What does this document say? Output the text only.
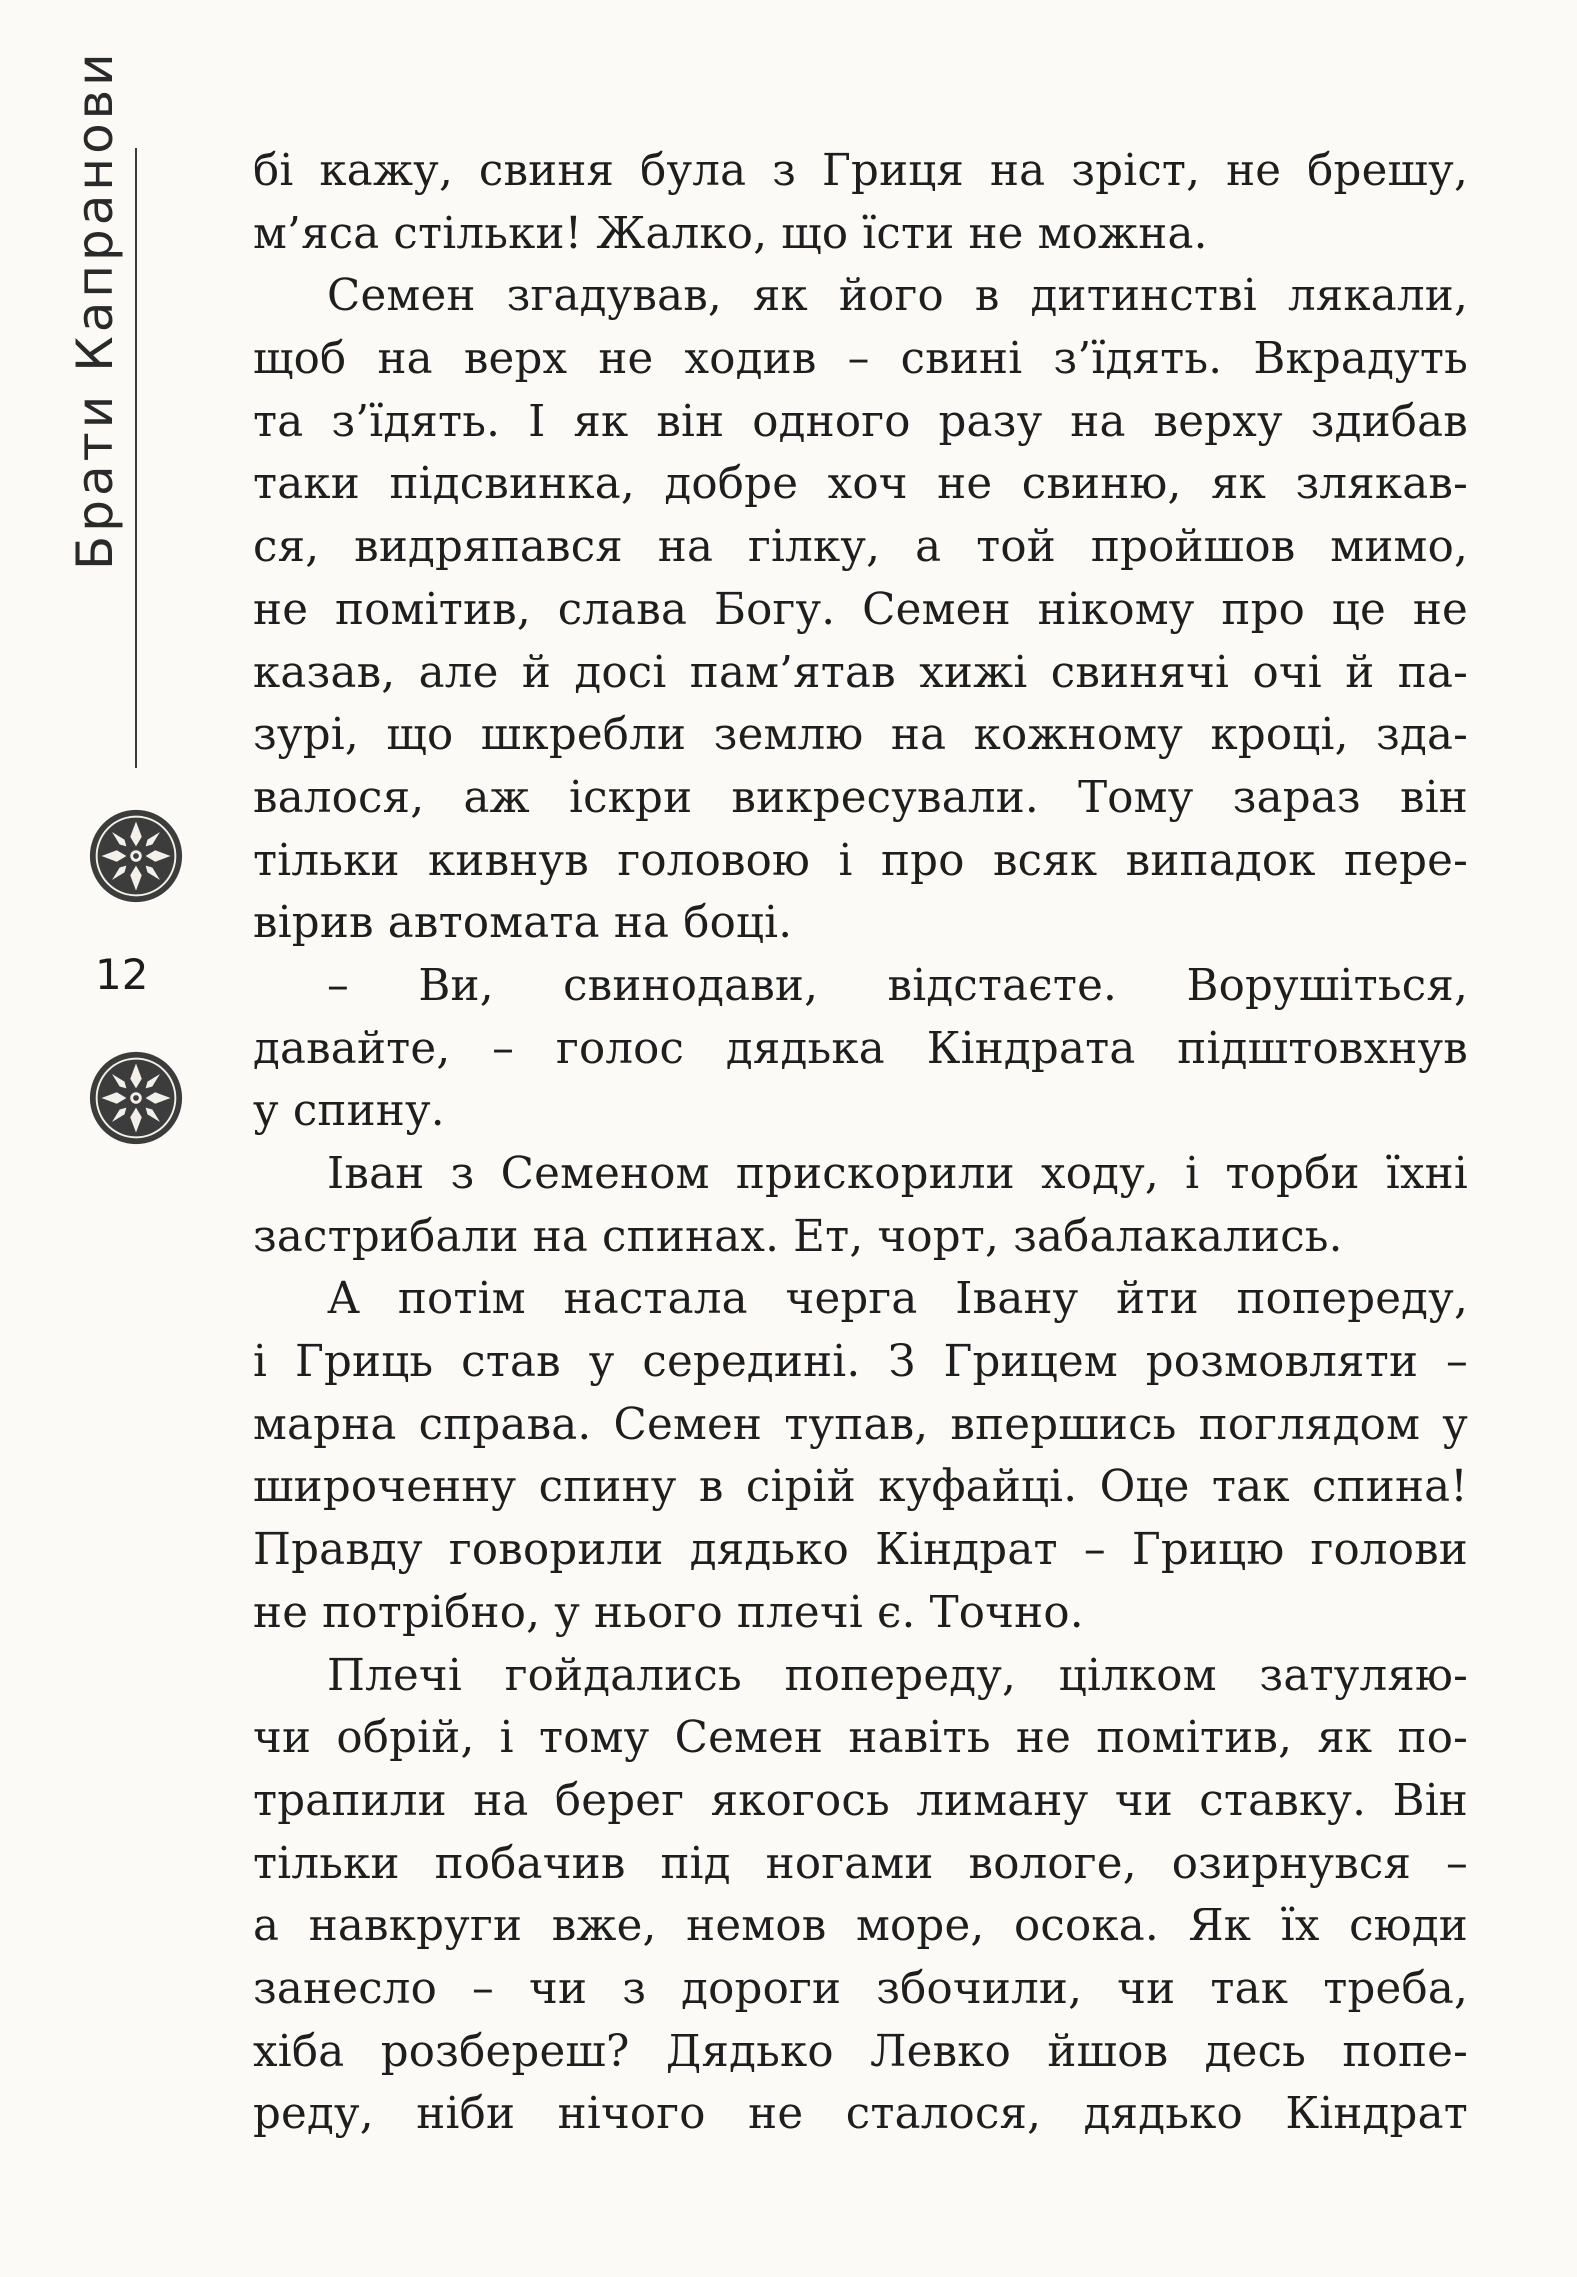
Брати Капранови
12
бі кажу, свиня була з Гриця на зріст, не брешу,
м’яса стільки! Жалко, що їсти не можна.
Семен згадував, як його в дитинстві лякали,
щоб на верх не ходив – свині з’їдять. Вкрадуть
та з’їдять. І як він одного разу на верху здибав
таки підсвинка, добре хоч не свиню, як злякав-
ся, видряпався на гілку, а той пройшов мимо,
не помітив, слава Богу. Семен нікому про це не
казав, але й досі пам’ятав хижі свинячі очі й па-
зурі, що шкребли землю на кожному кроці, зда-
валося, аж іскри викресували. Тому зараз він
тільки кивнув головою і про всяк випадок пере-
вірив автомата на боці.
– Ви, свинодави, відстаєте. Ворушіться,
давайте, – голос дядька Кіндрата підштовхнув
у спину.
Іван з Семеном прискорили ходу, і торби їхні
застрибали на спинах. Ет, чорт, забалакались.
А потім настала черга Івану йти попереду,
і Гриць став у середині. З Грицем розмовляти –
марна справа. Семен тупав, впершись поглядом у
широченну спину в сірій куфайці. Оце так спина!
Правду говорили дядько Кіндрат – Грицю голови
не потрібно, у нього плечі є. Точно.
Плечі гойдались попереду, цілком затуляю-
чи обрій, і тому Семен навіть не помітив, як по-
трапили на берег якогось лиману чи ставку. Він
тільки побачив під ногами вологе, озирнувся –
а навкруги вже, немов море, осока. Як їх сюди
занесло – чи з дороги збочили, чи так треба,
хіба розбереш? Дядько Левко йшов десь попе-
реду, ніби нічого не сталося, дядько Кіндрат
